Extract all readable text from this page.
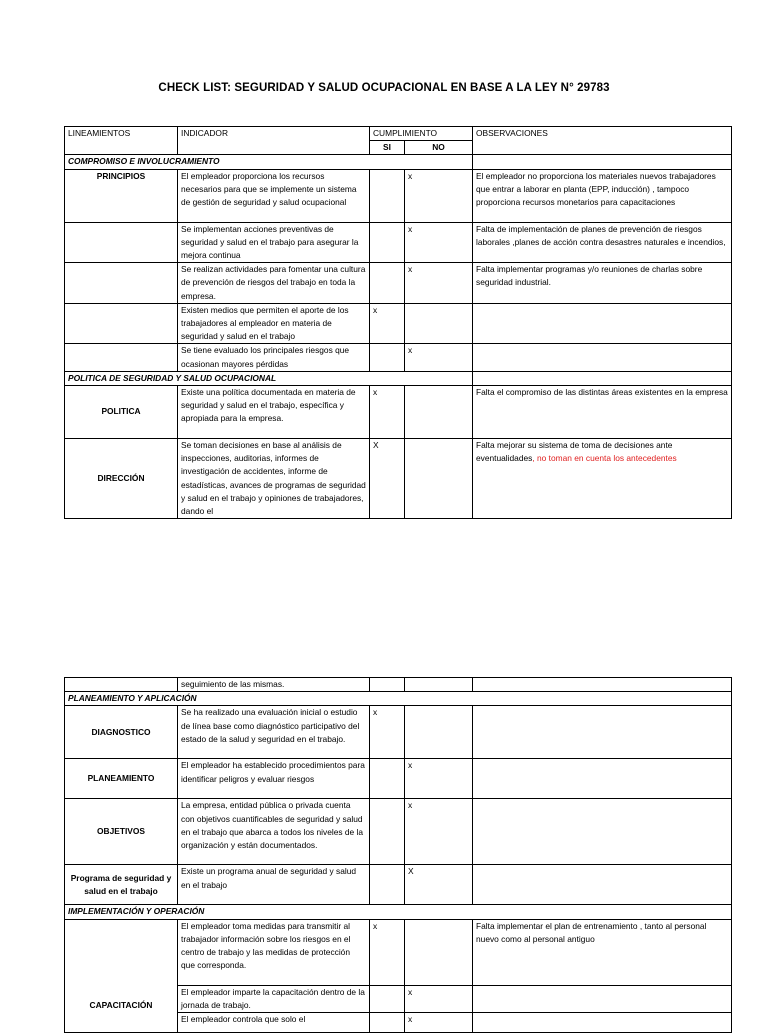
CHECK LIST: SEGURIDAD Y SALUD OCUPACIONAL EN BASE A LA LEY N° 29783
LINEAMIENTOS	INDICADOR	CUMPLIMIENTO		OBSERVACIONES
		SI	NO	
COMPROMISO E INVOLUCRAMIENTO				
PRINCIPIOS	El empleador proporciona los recursos necesarios para que se implemente un sistema de gestión de seguridad y salud ocupacional		x	El empleador no proporciona los materiales nuevos trabajadores que entrar a laborar en planta (EPP, inducción) , tampoco proporciona recursos monetarios para capacitaciones
	Se implementan acciones preventivas de seguridad y salud en el trabajo para asegurar la mejora continua		x	Falta de implementación de planes de prevención de riesgos laborales ,planes de acción contra desastres naturales e incendios,
	Se realizan actividades para fomentar una cultura de prevención de riesgos del trabajo en toda la empresa.		x	Falta implementar programas y/o reuniones de charlas sobre seguridad industrial.
	Existen medios que permiten el aporte de los trabajadores al empleador en materia de seguridad y salud en el trabajo	x		
	Se tiene evaluado los principales riesgos que ocasionan mayores pérdidas		x	
POLITICA DE SEGURIDAD Y SALUD OCUPACIONAL				
POLITICA	Existe una política documentada en materia de seguridad y salud en el trabajo, específica y apropiada para la empresa.	x		Falta el compromiso de las distintas áreas existentes en la empresa
DIRECCIÓN	Se toman decisiones en base al análisis de inspecciones, auditorias, informes de investigación de accidentes, informe de estadísticas, avances de programas de seguridad y salud en el trabajo y opiniones de trabajadores, dando el	X		Falta mejorar su sistema de toma de decisiones ante eventualidades, no toman en cuenta los antecedentes
	seguimiento de las mismas.			
PLANEAMIENTO Y APLICACIÓN				
DIAGNOSTICO	Se ha realizado una evaluación inicial o estudio de línea base como diagnóstico participativo del estado de la salud y seguridad en el trabajo.	x		
PLANEAMIENTO	El empleador ha establecido procedimientos para identificar peligros y evaluar riesgos		x	
OBJETIVOS	La empresa, entidad pública o privada cuenta con objetivos cuantificables de seguridad y salud en el trabajo que abarca a todos los niveles de la organización y están documentados.		x	
Programa de seguridad y salud en el trabajo	Existe un programa anual de seguridad y salud en el trabajo		X	
IMPLEMENTACIÓN Y OPERACIÓN				
CAPACITACIÓN	El empleador toma medidas para transmitir al trabajador información sobre los riesgos en el centro de trabajo y las medidas de protección que corresponda.	x		Falta implementar el plan de entrenamiento , tanto al personal nuevo como al personal antiguo
	El empleador imparte la capacitación dentro de la jornada de trabajo.		x	
	El empleador controla que solo el		x	
